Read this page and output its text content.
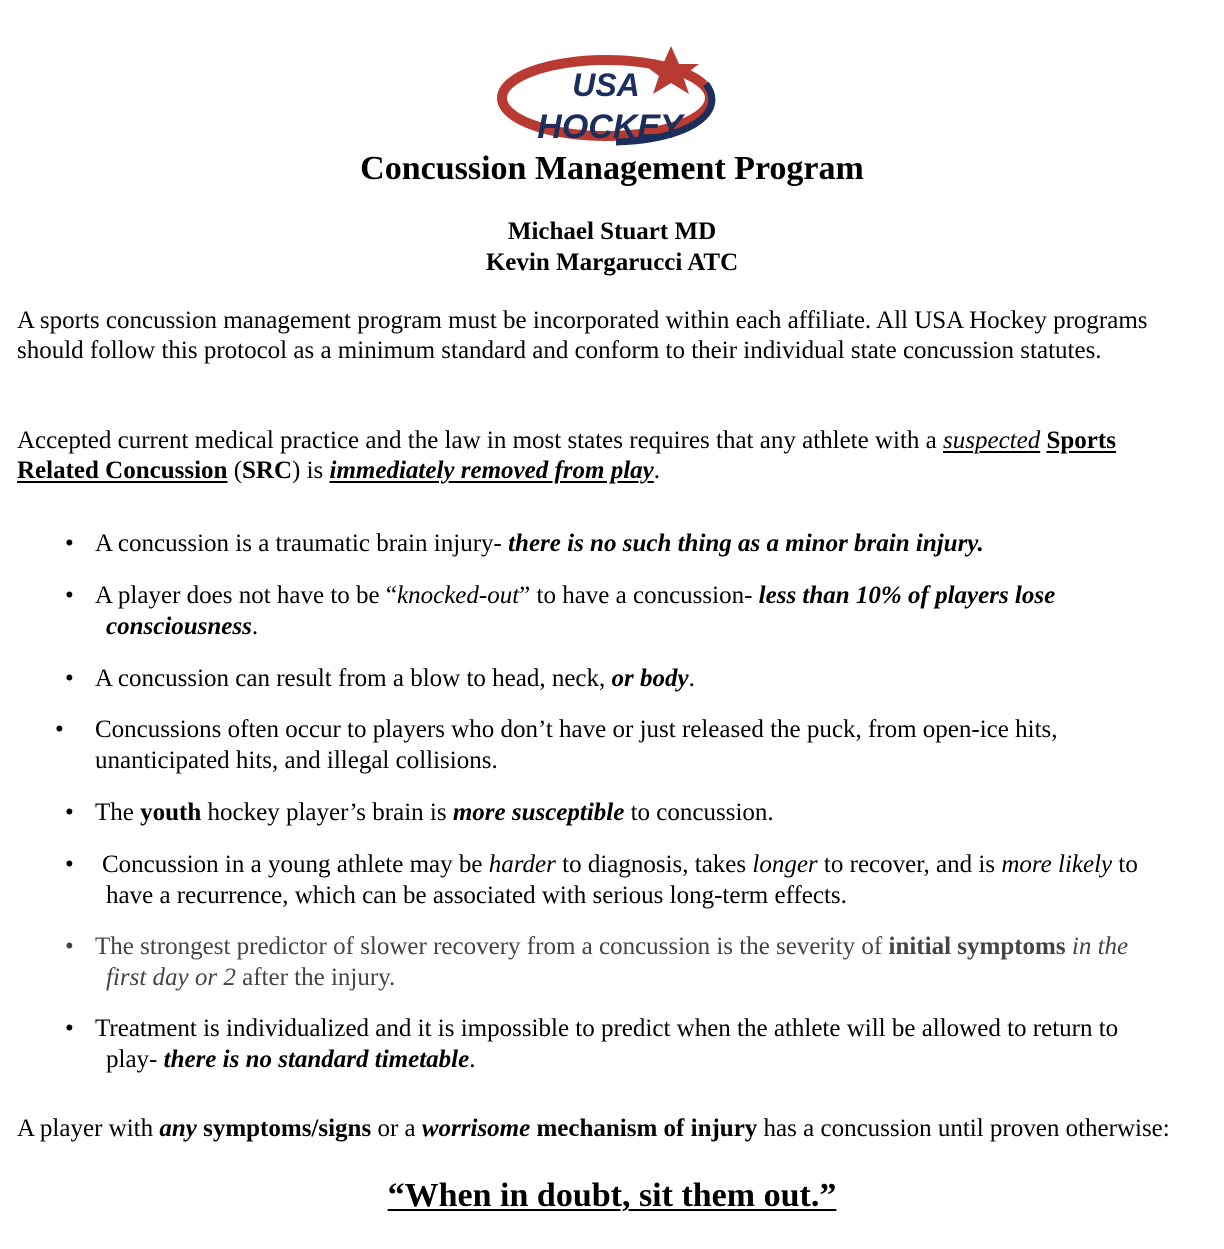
USA
HOCKEY
Concussion Management Program
Michael Stuart MD
Kevin Margarucci ATC

A sports concussion management program must be incorporated within each affiliate. All USA Hockey programs should follow this protocol as a minimum standard and conform to their individual state concussion statutes.

Accepted current medical practice and the law in most states requires that any athlete with a suspected Sports Related Concussion (SRC) is immediately removed from play.

• A concussion is a traumatic brain injury- there is no such thing as a minor brain injury.
• A player does not have to be “knocked-out” to have a concussion- less than 10% of players lose
consciousness.
• A concussion can result from a blow to head, neck, or body.
• Concussions often occur to players who don’t have or just released the puck, from open-ice hits,
unanticipated hits, and illegal collisions.
• The youth hockey player’s brain is more susceptible to concussion.
• Concussion in a young athlete may be harder to diagnosis, takes longer to recover, and is more likely to
have a recurrence, which can be associated with serious long-term effects.
• The strongest predictor of slower recovery from a concussion is the severity of initial symptoms in the
first day or 2 after the injury.
• Treatment is individualized and it is impossible to predict when the athlete will be allowed to return to
play- there is no standard timetable.

A player with any symptoms/signs or a worrisome mechanism of injury has a concussion until proven otherwise:

“When in doubt, sit them out.”
